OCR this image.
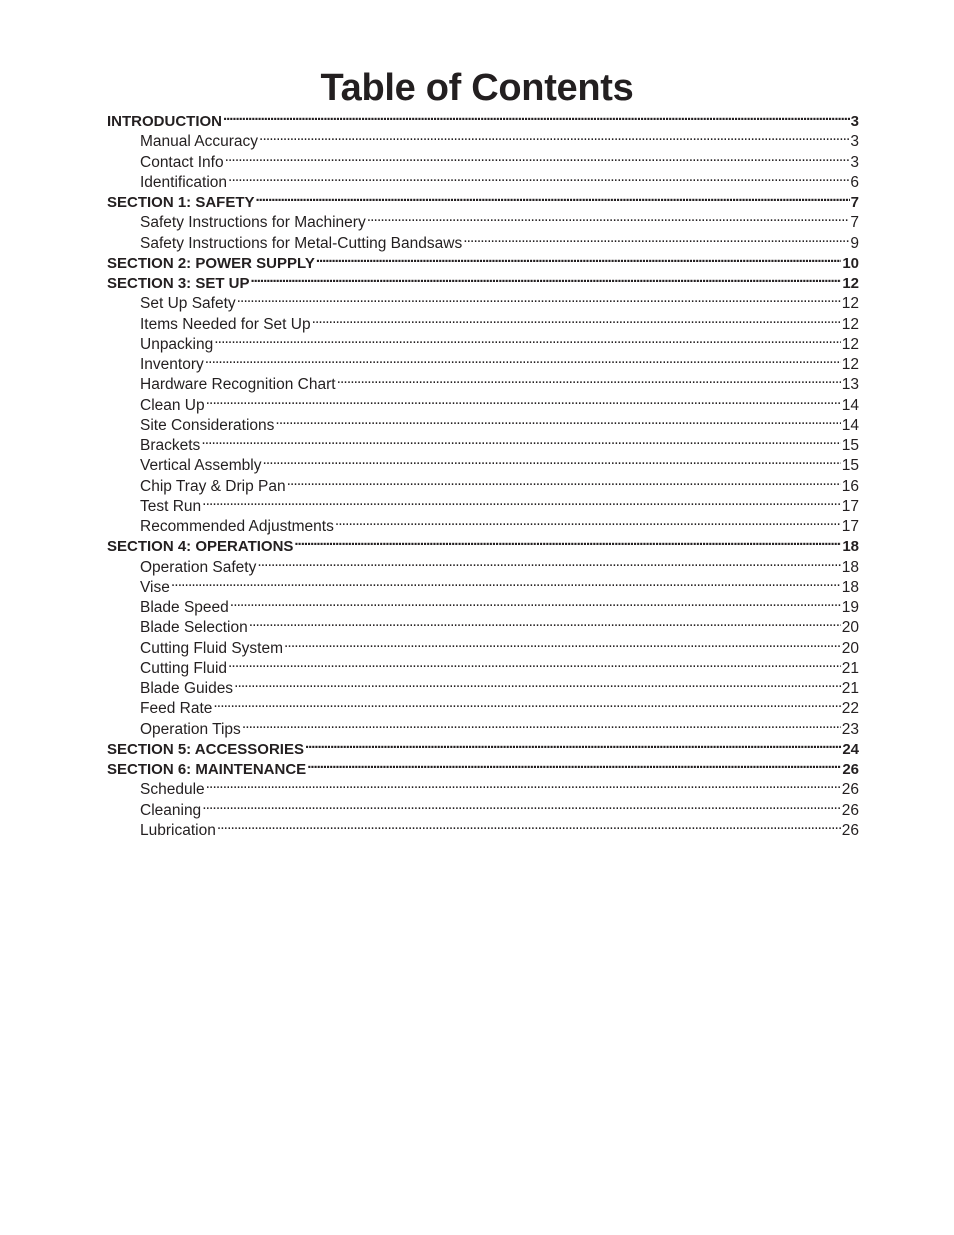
Table of Contents
INTRODUCTION . . .	3
Manual Accuracy . . .	3
Contact Info . . .	3
Identification . . .	6
SECTION 1: SAFETY . . .	7
Safety Instructions for Machinery . . .	7
Safety Instructions for Metal-Cutting Bandsaws . . .	9
SECTION 2: POWER SUPPLY . . .	10
SECTION 3: SET UP . . .	12
Set Up Safety . . .	12
Items Needed for Set Up . . .	12
Unpacking . . .	12
Inventory . . .	12
Hardware Recognition Chart . . .	13
Clean Up . . .	14
Site Considerations . . .	14
Brackets . . .	15
Vertical Assembly . . .	15
Chip Tray & Drip Pan . . .	16
Test Run . . .	17
Recommended Adjustments . . .	17
SECTION 4: OPERATIONS . . .	18
Operation Safety . . .	18
Vise . . .	18
Blade Speed . . .	19
Blade Selection . . .	20
Cutting Fluid System . . .	20
Cutting Fluid . . .	21
Blade Guides . . .	21
Feed Rate . . .	22
Operation Tips . . .	23
SECTION 5: ACCESSORIES . . .	24
SECTION 6: MAINTENANCE . . .	26
Schedule . . .	26
Cleaning . . .	26
Lubrication . . .	26
